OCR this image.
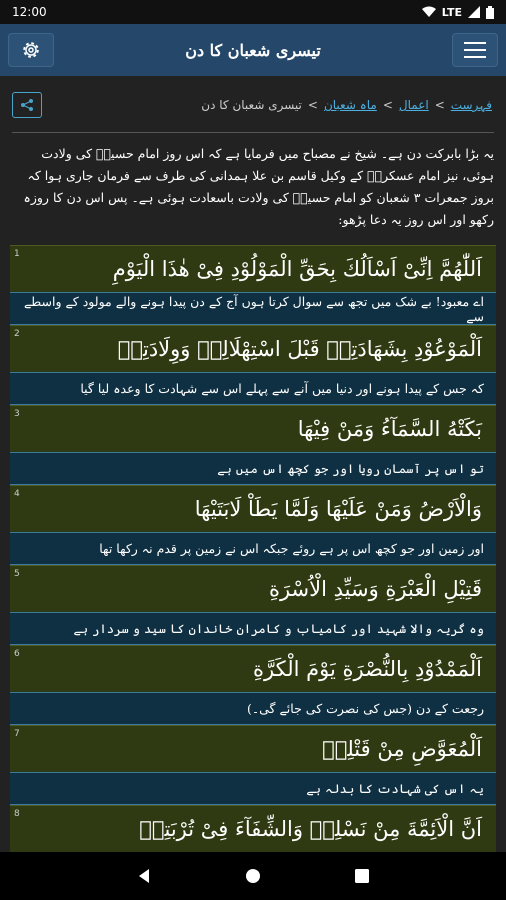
12:00	LTE
تیسری شعبان کا دن
فہرست
>
اعمال
>
ماہ شعبان
>
تیسری شعبان کا دن

یہ بڑا بابرکت دن ہے۔ شیخ نے مصباح میں فرمایا ہے کہ اس روز امام حسینؑ کی ولادت ہوئی، نیز امام عسکریؑ کے وکیل قاسم بن علا ہمدانی کی طرف سے فرمان جاری ہوا کہ بروز جمعرات ۳ شعبان کو امام حسینؑ کی ولادت باسعادت ہوئی ہے۔ پس اس دن کا روزہ رکھو اور اس روز یہ دعا پڑھو:

1
اَللّٰهُمَّ اِنِّیْ اَسْاَلُكَ بِحَقِّ الْمَوْلُوْدِ فِیْ هٰذَا الْیَوْمِ
اے معبود! بے شک میں تجھ سے سوال کرتا ہوں آج کے دن پیدا ہونے والے مولود کے واسطے سے
2
اَلْمَوْعُوْدِ بِشَهَادَتِهٖ قَبْلَ اسْتِهْلَالِهٖ وَوِلَادَتِهٖ
کہ جس کے پیدا ہونے اور دنیا میں آنے سے پہلے اس سے شہادت کا وعدہ لیا گیا
3
بَكَتْهُ السَّمَآءُ وَمَنْ فِیْهَا
تو اس پر آسمان رویا اور جو کچھ اس میں ہے
4
وَالْاَرْضُ وَمَنْ عَلَیْهَا وَلَمَّا یَطَاْ لَابَتَیْهَا
اور زمین اور جو کچھ اس پر ہے روئے جبکہ اس نے زمین پر قدم نہ رکھا تھا
5
قَتِیْلِ الْعَبْرَةِ وَسَیِّدِ الْاُسْرَةِ
وہ گریہ والا شہید اور کامیاب و کامران خاندان کا سید و سردار ہے
6
اَلْمَمْدُوْدِ بِالنُّصْرَةِ یَوْمَ الْكَرَّةِ
رجعت کے دن (جس کی نصرت کی جائے گی۔)
7
اَلْمُعَوَّضِ مِنْ قَتْلِهٖ
یہ اس کی شہادت کا بدلہ ہے
8
اَنَّ الْاَئِمَّةَ مِنْ نَسْلِهٖ وَالشِّفَآءَ فِیْ تُرْبَتِهٖ
